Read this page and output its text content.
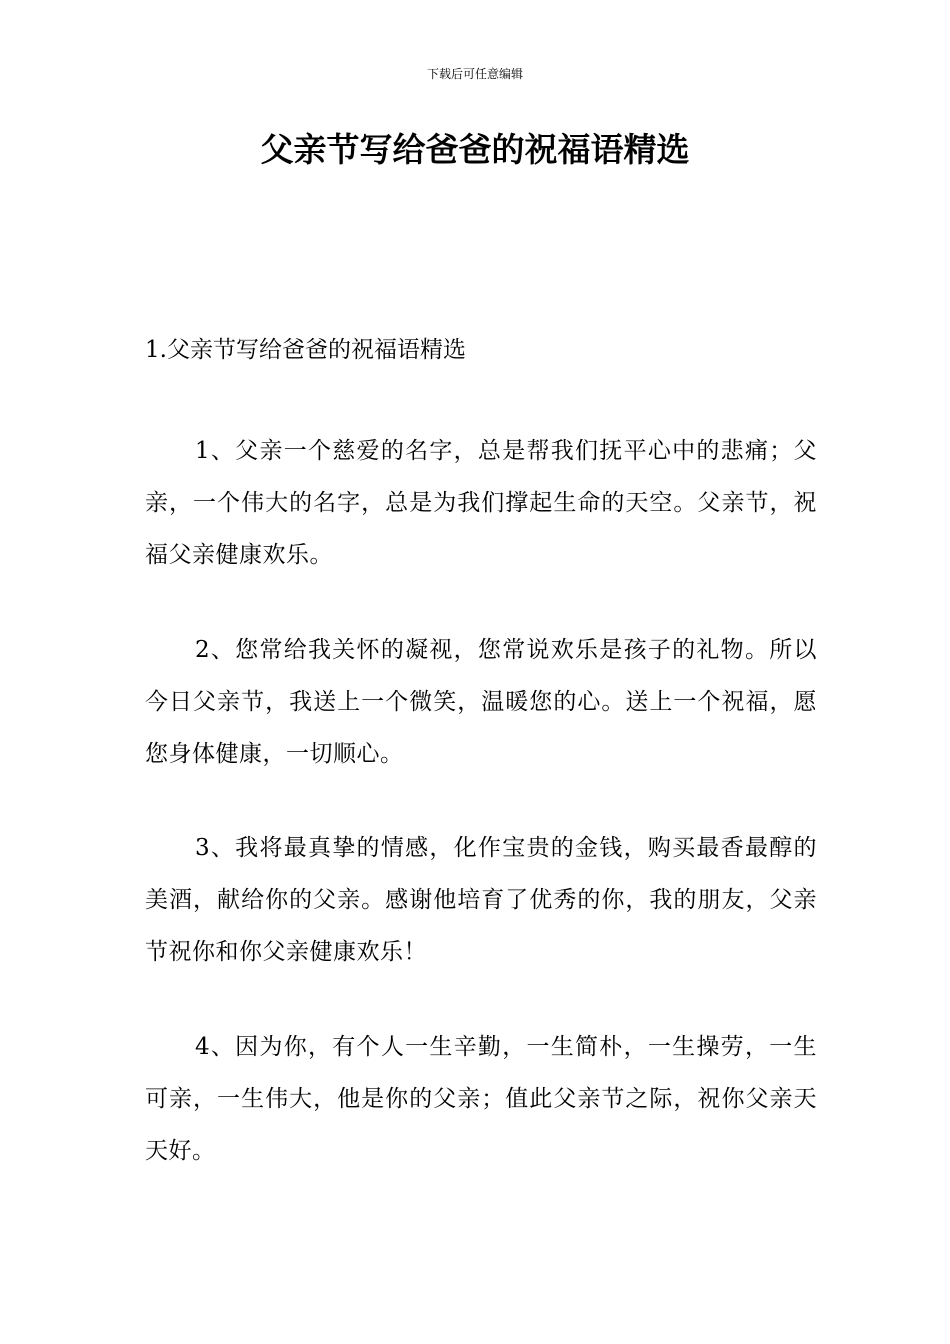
下载后可任意编辑
父亲节写给爸爸的祝福语精选

1.父亲节写给爸爸的祝福语精选

1、父亲一个慈爱的名字，总是帮我们抚平心中的悲痛；父亲，一个伟大的名字，总是为我们撑起生命的天空。父亲节，祝福父亲健康欢乐。

2、您常给我关怀的凝视，您常说欢乐是孩子的礼物。所以今日父亲节，我送上一个微笑，温暖您的心。送上一个祝福，愿您身体健康，一切顺心。

3、我将最真挚的情感，化作宝贵的金钱，购买最香最醇的美酒，献给你的父亲。感谢他培育了优秀的你，我的朋友，父亲节祝你和你父亲健康欢乐！

4、因为你，有个人一生辛勤，一生简朴，一生操劳，一生可亲，一生伟大，他是你的父亲；值此父亲节之际，祝你父亲天天好。
